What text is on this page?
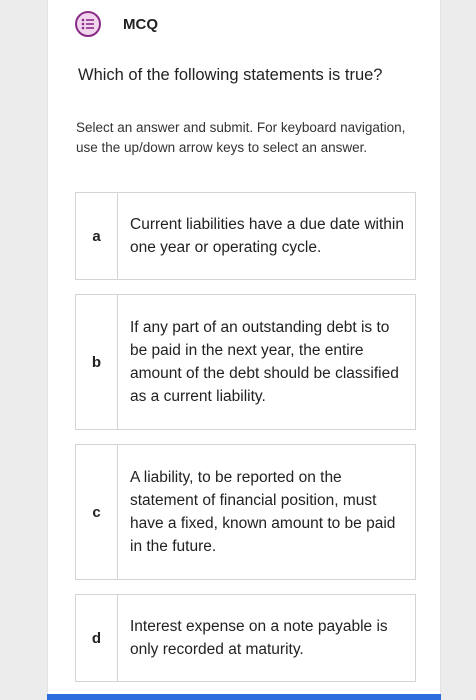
MCQ
Which of the following statements is true?
Select an answer and submit. For keyboard navigation, use the up/down arrow keys to select an answer.
a
Current liabilities have a due date within one year or operating cycle.
b
If any part of an outstanding debt is to be paid in the next year, the entire amount of the debt should be classified as a current liability.
c
A liability, to be reported on the statement of financial position, must have a fixed, known amount to be paid in the future.
d
Interest expense on a note payable is only recorded at maturity.
